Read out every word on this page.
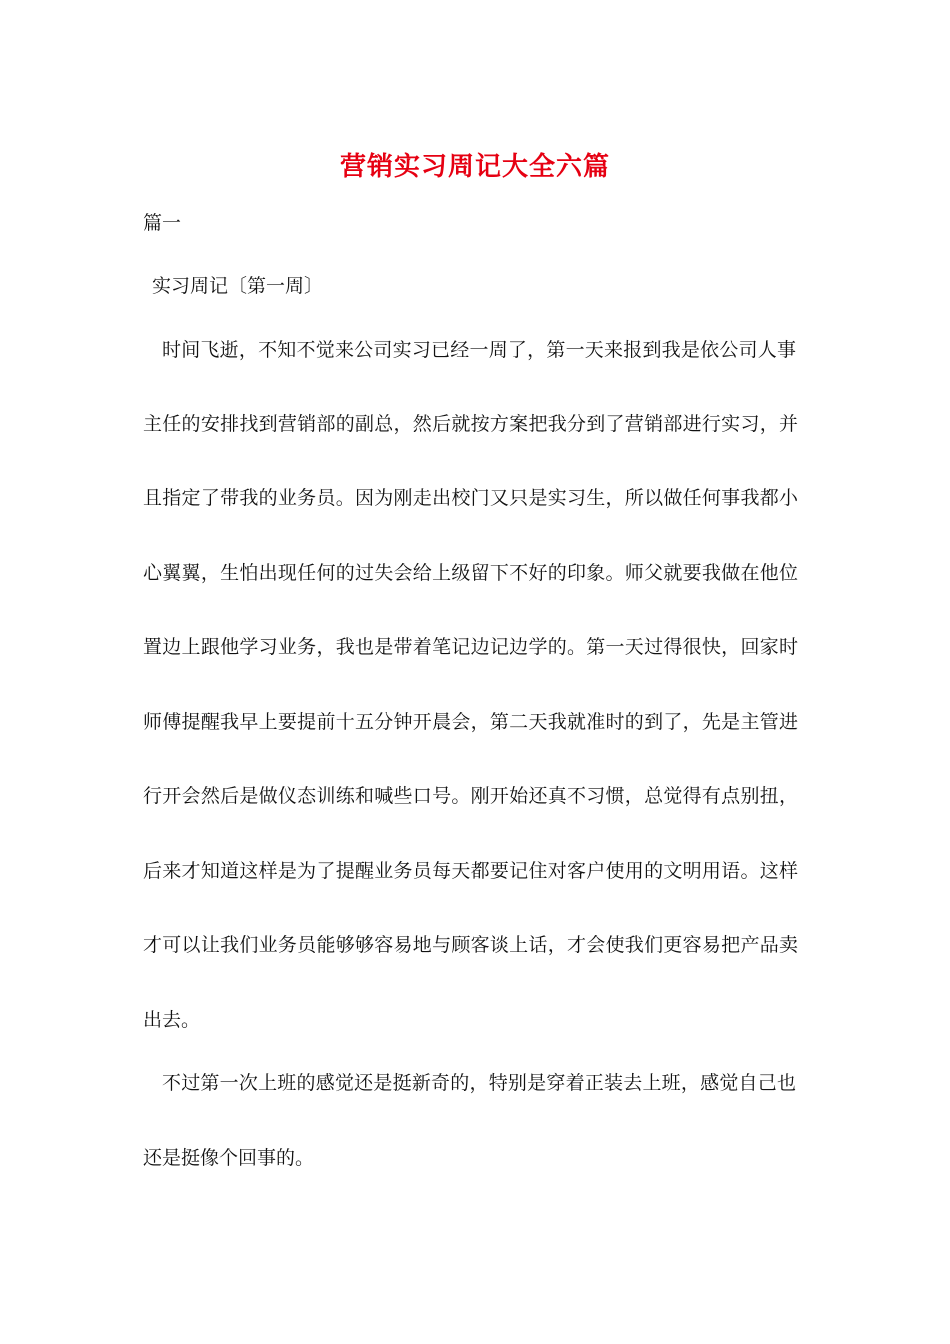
营销实习周记大全六篇
篇一
实习周记〔第一周〕
时间飞逝，不知不觉来公司实习已经一周了，第一天来报到我是依公司人事
主任的安排找到营销部的副总，然后就按方案把我分到了营销部进行实习，并
且指定了带我的业务员。因为刚走出校门又只是实习生，所以做任何事我都小
心翼翼，生怕出现任何的过失会给上级留下不好的印象。师父就要我做在他位
置边上跟他学习业务，我也是带着笔记边记边学的。第一天过得很快，回家时
师傅提醒我早上要提前十五分钟开晨会，第二天我就准时的到了，先是主管进
行开会然后是做仪态训练和喊些口号。刚开始还真不习惯，总觉得有点别扭，
后来才知道这样是为了提醒业务员每天都要记住对客户使用的文明用语。这样
才可以让我们业务员能够够容易地与顾客谈上话，才会使我们更容易把产品卖
出去。
不过第一次上班的感觉还是挺新奇的，特别是穿着正装去上班，感觉自己也
还是挺像个回事的。
